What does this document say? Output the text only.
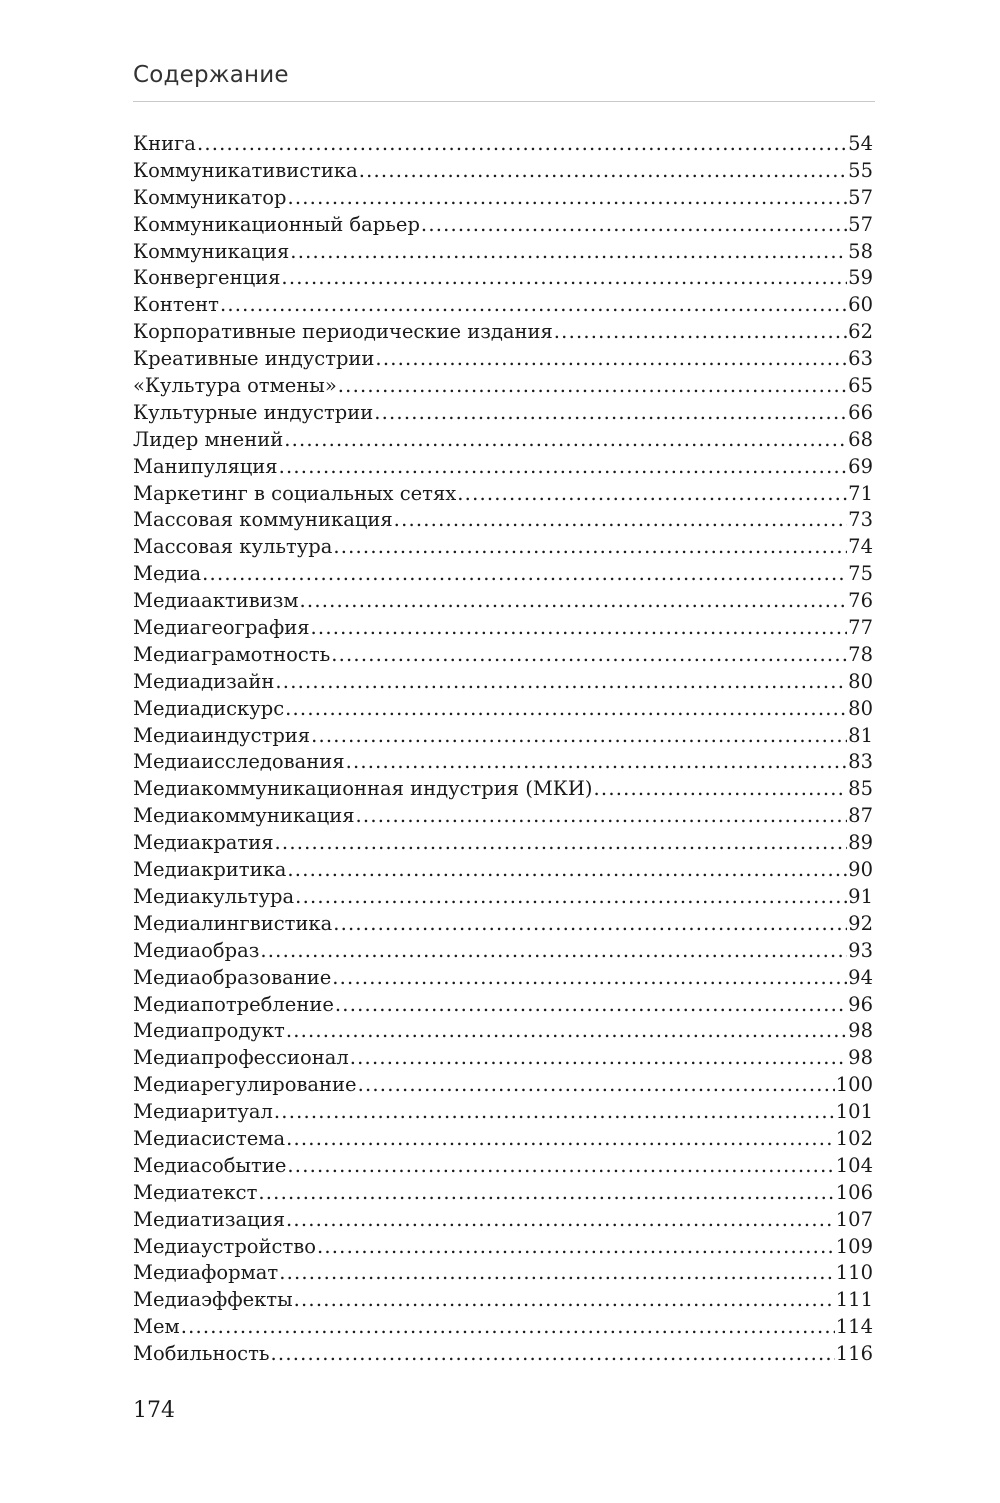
Содержание
Книга .....	54
Коммуникативистика .....	55
Коммуникатор .....	57
Коммуникационный барьер .....	57
Коммуникация .....	58
Конвергенция .....	59
Контент .....	60
Корпоративные периодические издания .....	62
Креативные индустрии .....	63
«Культура отмены» .....	65
Культурные индустрии .....	66
Лидер мнений .....	68
Манипуляция .....	69
Маркетинг в социальных сетях .....	71
Массовая коммуникация .....	73
Массовая культура .....	74
Медиа .....	75
Медиаактивизм .....	76
Медиагеография .....	77
Медиаграмотность .....	78
Медиадизайн .....	80
Медиадискурс .....	80
Медиаиндустрия .....	81
Медиаисследования .....	83
Медиакоммуникационная индустрия (МКИ) .....	85
Медиакоммуникация .....	87
Медиакратия .....	89
Медиакритика .....	90
Медиакультура .....	91
Медиалингвистика .....	92
Медиаобраз .....	93
Медиаобразование .....	94
Медиапотребление .....	96
Медиапродукт .....	98
Медиапрофессионал .....	98
Медиарегулирование .....	100
Медиаритуал .....	101
Медиасистема .....	102
Медиасобытие .....	104
Медиатекст .....	106
Медиатизация .....	107
Медиаустройство .....	109
Медиаформат .....	110
Медиаэффекты .....	111
Мем .....	114
Мобильность .....	116
174
